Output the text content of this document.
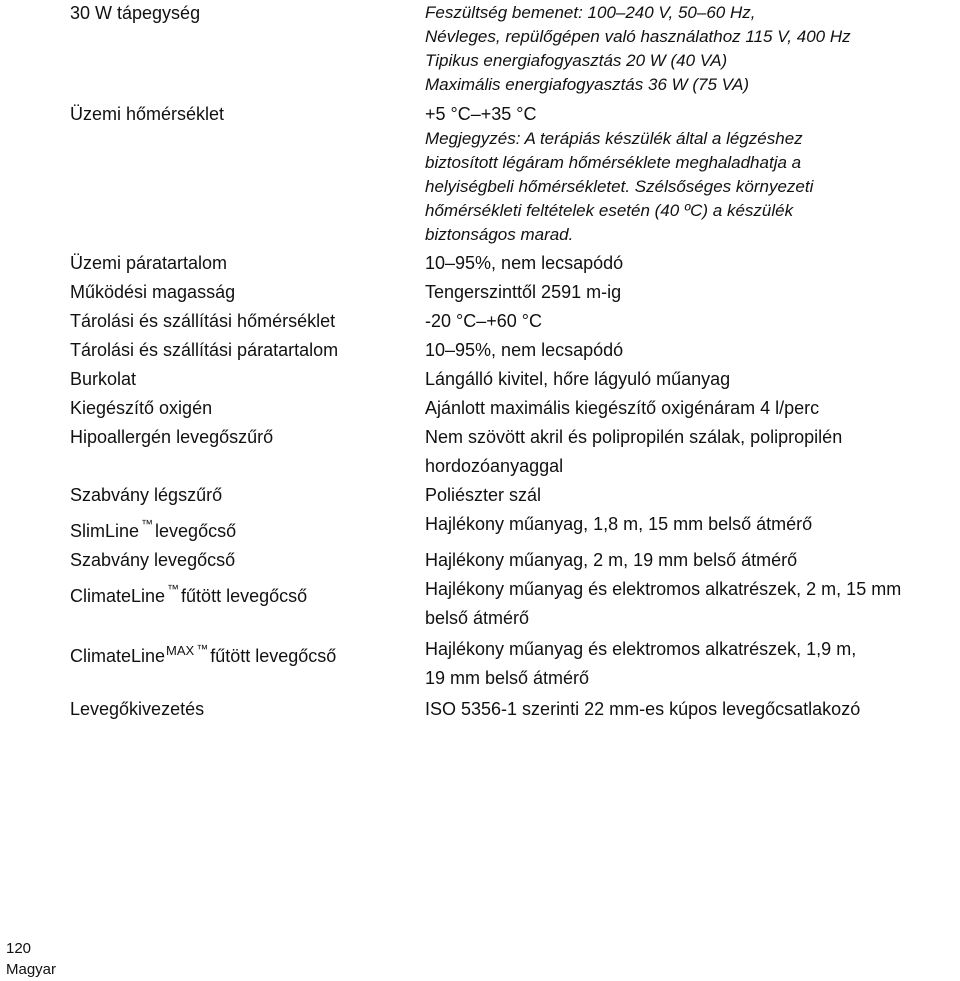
30 W tápegység	Feszültség bemenet: 100–240 V, 50–60 Hz,
Névleges, repülőgépen való használathoz 115 V, 400 Hz
Tipikus energiafogyasztás 20 W (40 VA)
Maximális energiafogyasztás 36 W (75 VA)
Üzemi hőmérséklet	+5 °C–+35 °C
Megjegyzés: A terápiás készülék által a légzéshez
biztosított légáram hőmérséklete meghaladhatja a
helyiségbeli hőmérsékletet. Szélsőséges környezeti
hőmérsékleti feltételek esetén (40 ºC) a készülék
biztonságos marad.
Üzemi páratartalom	10–95%, nem lecsapódó
Működési magasság	Tengerszinttől 2591 m-ig
Tárolási és szállítási hőmérséklet	-20 °C–+60 °C
Tárolási és szállítási páratartalom	10–95%, nem lecsapódó
Burkolat	Lángálló kivitel, hőre lágyuló műanyag
Kiegészítő oxigén	Ajánlott maximális kiegészítő oxigénáram 4 l/perc
Hipoallergén levegőszűrő	Nem szövött akril és polipropilén szálak, polipropilén
hordozóanyaggal
Szabvány légszűrő	Poliészter szál
SlimLine ™ levegőcső	Hajlékony műanyag, 1,8 m, 15 mm belső átmérő
Szabvány levegőcső	Hajlékony műanyag, 2 m, 19 mm belső átmérő
ClimateLine ™ fűtött levegőcső	Hajlékony műanyag és elektromos alkatrészek, 2 m, 15 mm
belső átmérő
ClimateLine$^{MAX}$ ™ fűtött levegőcső	Hajlékony műanyag és elektromos alkatrészek, 1,9 m,
19 mm belső átmérő
Levegőkivezetés	ISO 5356-1 szerinti 22 mm-es kúpos levegőcsatlakozó
120
Magyar
